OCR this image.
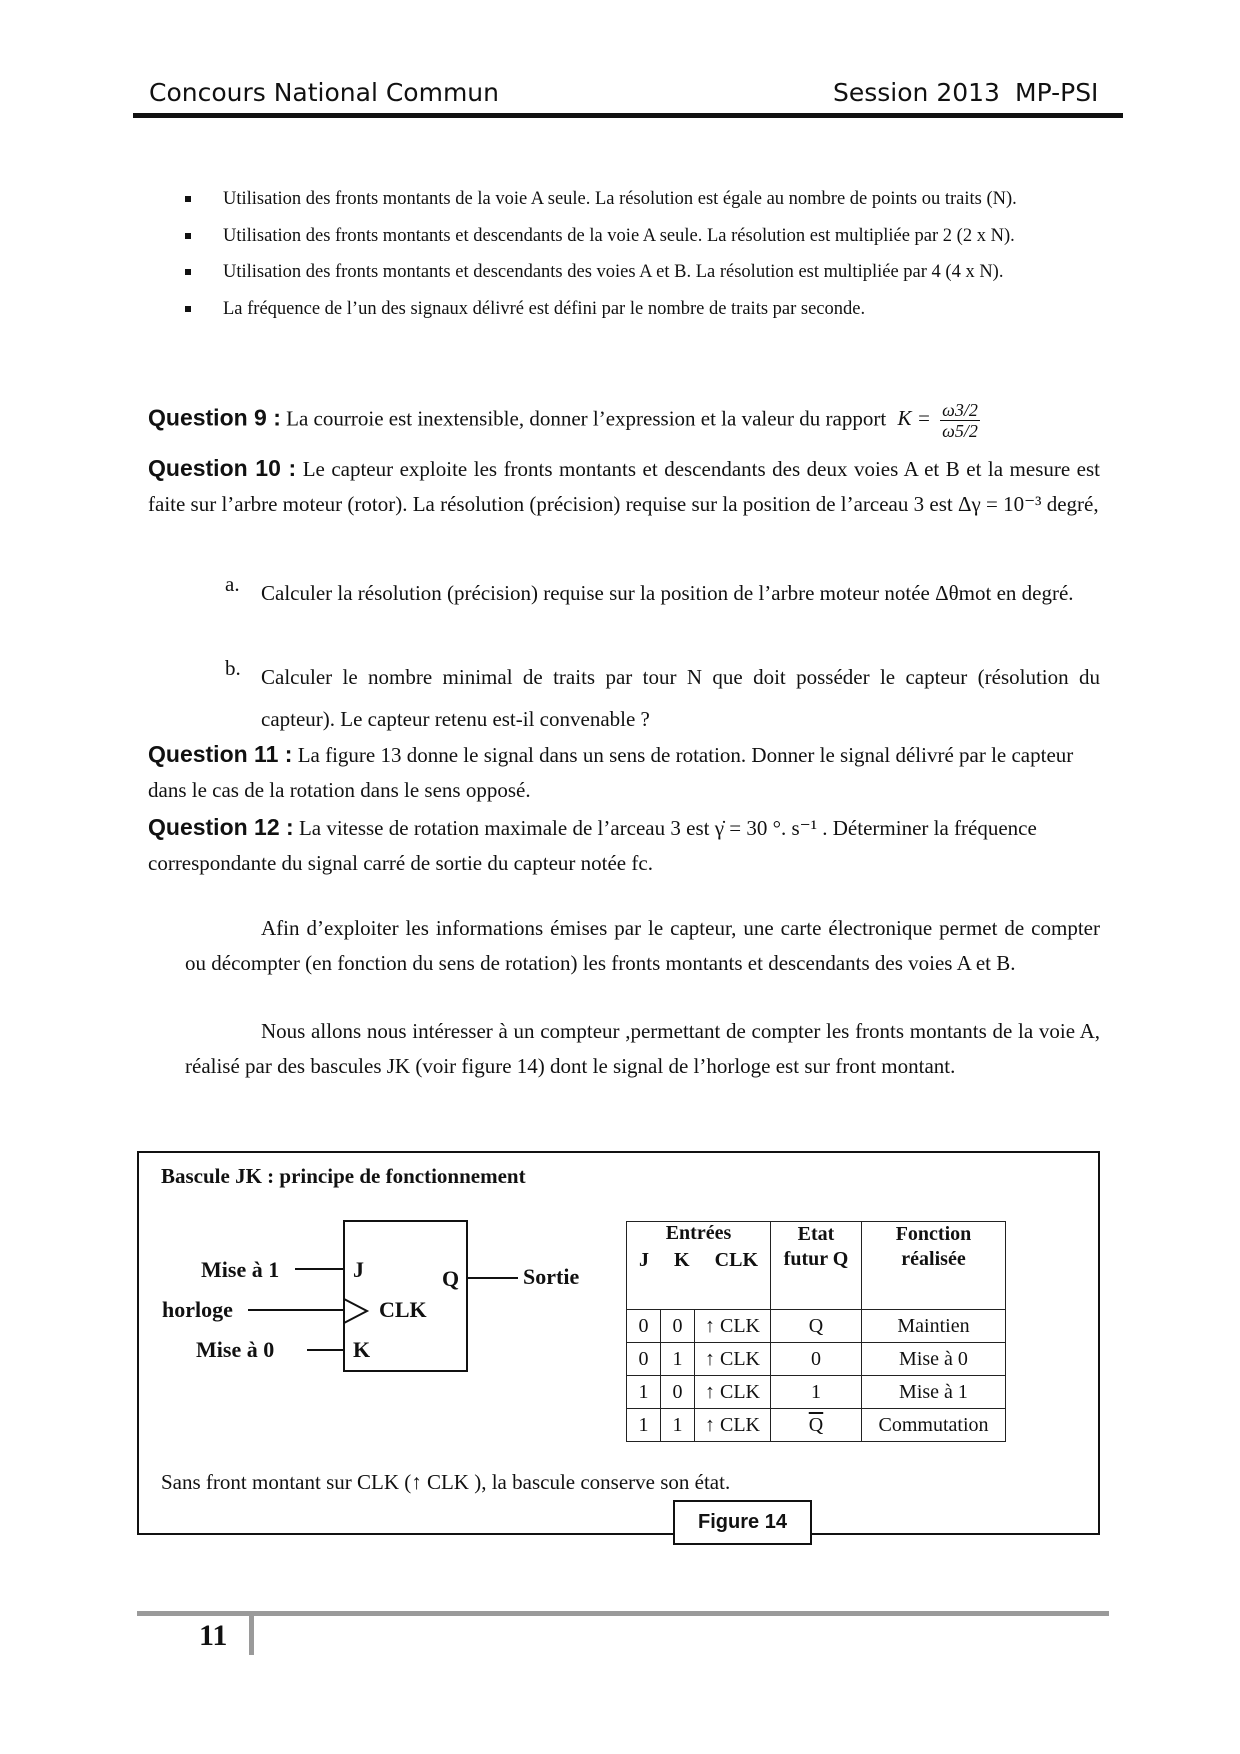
Concours National Commun	Session 2013 MP-PSI
Utilisation des fronts montants de la voie A seule. La résolution est égale au nombre de points ou traits (N).
Utilisation des fronts montants et descendants de la voie A seule. La résolution est multipliée par 2 (2 x N).
Utilisation des fronts montants et descendants des voies A et B. La résolution est multipliée par 4 (4 x N).
La fréquence de l’un des signaux délivré est défini par le nombre de traits par seconde.
Question 9 : La courroie est inextensible, donner l’expression et la valeur du rapport $K = \frac{\omega 3/2}{\omega 5/2}$
Question 10 : Le capteur exploite les fronts montants et descendants des deux voies A et B et la mesure est faite sur l’arbre moteur (rotor). La résolution (précision) requise sur la position de l’arceau 3 est Δγ = 10⁻³ degré,
a. Calculer la résolution (précision) requise sur la position de l’arbre moteur notée Δθmot en degré.
b. Calculer le nombre minimal de traits par tour N que doit posséder le capteur (résolution du capteur). Le capteur retenu est-il convenable ?
Question 11 : La figure 13 donne le signal dans un sens de rotation. Donner le signal délivré par le capteur dans le cas de la rotation dans le sens opposé.
Question 12 : La vitesse de rotation maximale de l’arceau 3 est γ̇ = 30 °. s⁻¹ . Déterminer la fréquence correspondante du signal carré de sortie du capteur notée fc.
Afin d’exploiter les informations émises par le capteur, une carte électronique permet de compter ou décompter (en fonction du sens de rotation) les fronts montants et descendants des voies A et B.
Nous allons nous intéresser à un compteur ,permettant de compter les fronts montants de la voie A, réalisé par des bascules JK (voir figure 14) dont le signal de l’horloge est sur front montant.
Bascule JK : principe de fonctionnement
Mise à 1
horloge
Mise à 0
J
CLK
K
Q	Sortie
Entrées
J K CLK			Etat futur Q	Fonction réalisée
0	0	↑ CLK	Q	Maintien
0	1	↑ CLK	0	Mise à 0
1	0	↑ CLK	1	Mise à 1
1	1	↑ CLK	$\overline{Q}$	Commutation
Sans front montant sur CLK (↑ CLK ), la bascule conserve son état.
Figure 14
11
